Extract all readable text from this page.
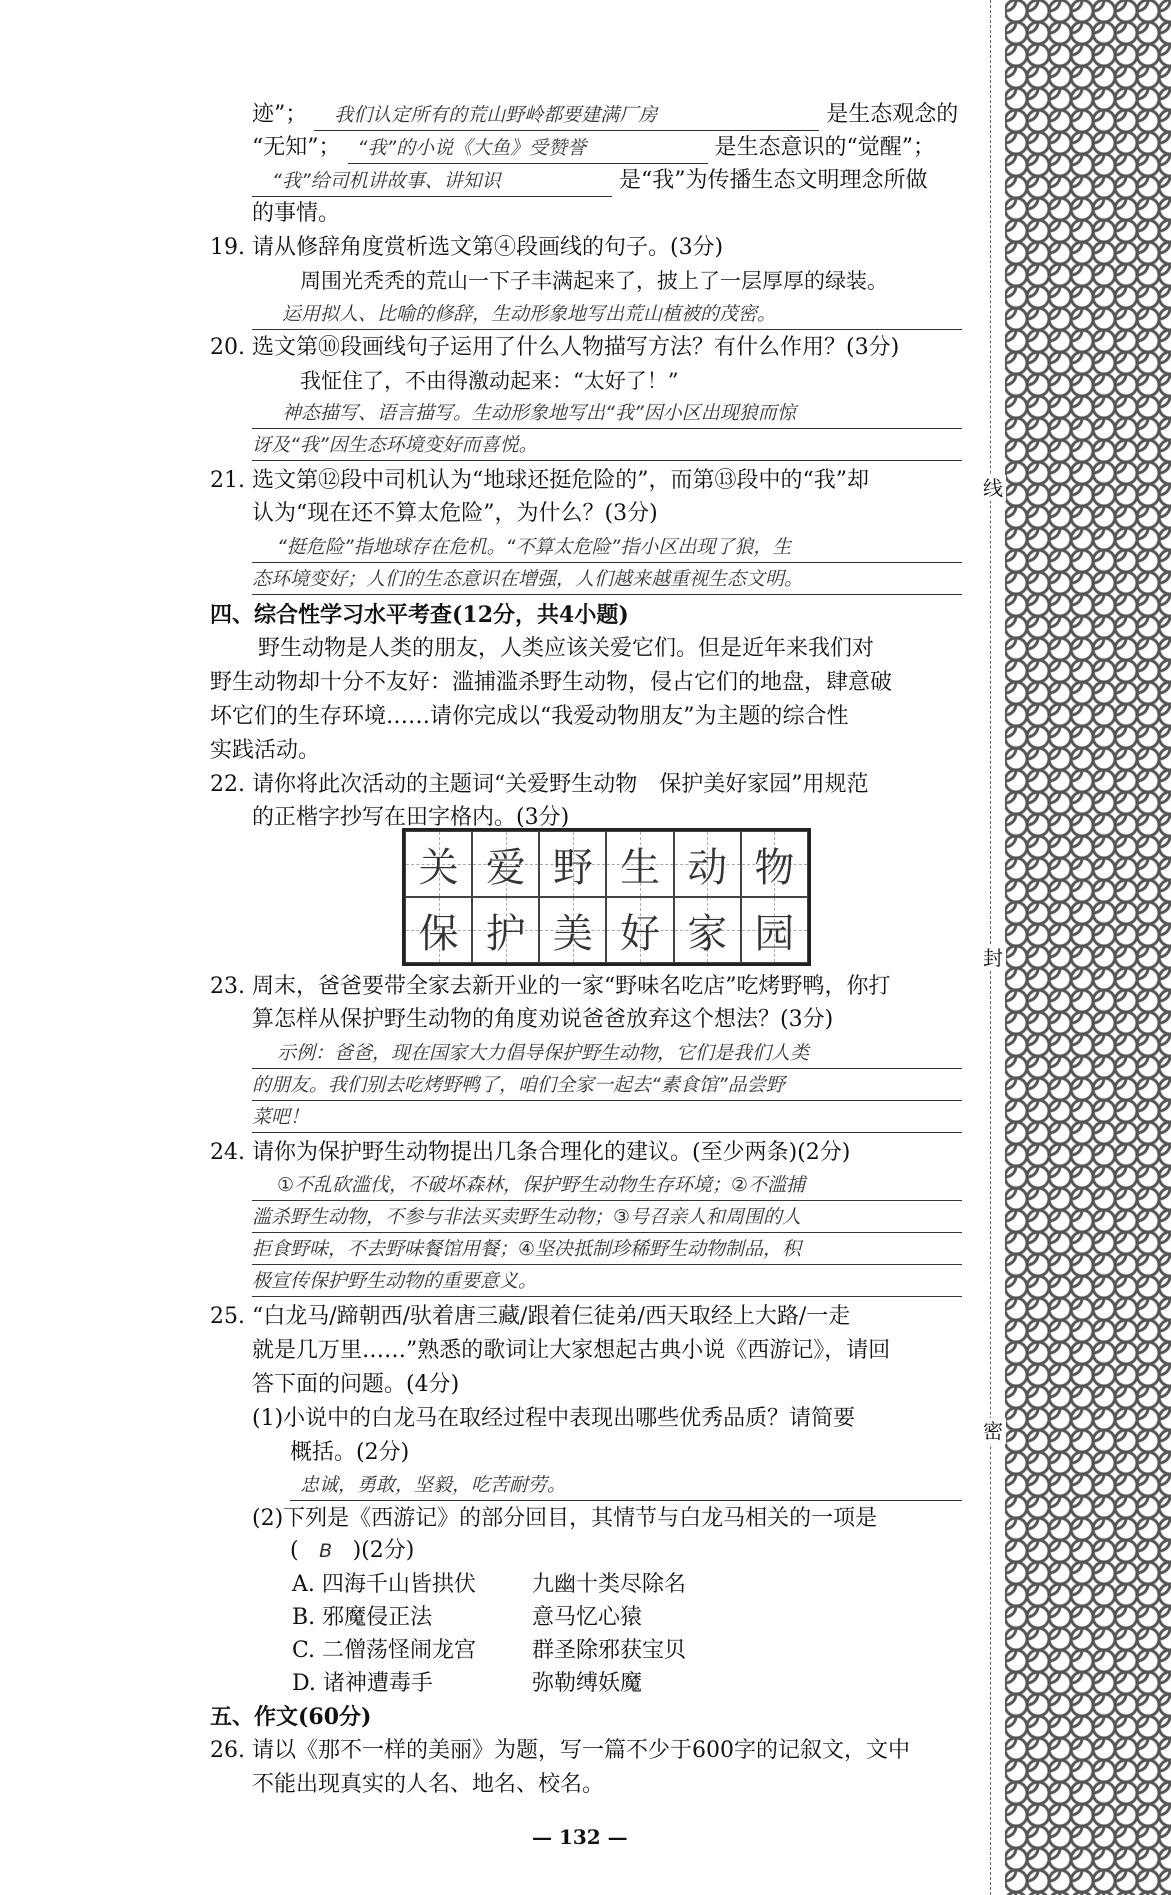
线
封
密
迹”； 我们认定所有的荒山野岭都要建满厂房	是生态观念的
“无知”； “我”的小说《大鱼》受赞誉	是生态意识的“觉醒”；
“我”给司机讲故事、讲知识	是“我”为传播生态文明理念所做
的事情。
19. 请从修辞角度赏析选文第④段画线的句子。(3分)
周围光秃秃的荒山一下子丰满起来了，披上了一层厚厚的绿装。
运用拟人、比喻的修辞，生动形象地写出荒山植被的茂密。
20. 选文第⑩段画线句子运用了什么人物描写方法？有什么作用？(3分)
我怔住了，不由得激动起来：“太好了！”
神态描写、语言描写。生动形象地写出“我”因小区出现狼而惊
讶及“我”因生态环境变好而喜悦。
21. 选文第⑫段中司机认为“地球还挺危险的”，而第⑬段中的“我”却
认为“现在还不算太危险”，为什么？(3分)
“挺危险”指地球存在危机。“不算太危险”指小区出现了狼，生
态环境变好；人们的生态意识在增强，人们越来越重视生态文明。
四、综合性学习水平考查(12分，共4小题)
野生动物是人类的朋友，人类应该关爱它们。但是近年来我们对
野生动物却十分不友好：滥捕滥杀野生动物，侵占它们的地盘，肆意破
坏它们的生存环境……请你完成以“我爱动物朋友”为主题的综合性
实践活动。
22. 请你将此次活动的主题词“关爱野生动物　保护美好家园”用规范
的正楷字抄写在田字格内。(3分)
关 爱 野 生 动 物
保 护 美 好 家 园
23. 周末，爸爸要带全家去新开业的一家“野味名吃店”吃烤野鸭，你打
算怎样从保护野生动物的角度劝说爸爸放弃这个想法？(3分)
示例：爸爸，现在国家大力倡导保护野生动物，它们是我们人类
的朋友。我们别去吃烤野鸭了，咱们全家一起去“素食馆”品尝野
菜吧！
24. 请你为保护野生动物提出几条合理化的建议。(至少两条)(2分)
①不乱砍滥伐，不破坏森林，保护野生动物生存环境；②不滥捕
滥杀野生动物，不参与非法买卖野生动物；③号召亲人和周围的人
拒食野味，不去野味餐馆用餐；④坚决抵制珍稀野生动物制品，积
极宣传保护野生动物的重要意义。
25. “白龙马/蹄朝西/驮着唐三藏/跟着仨徒弟/西天取经上大路/一走
就是几万里……”熟悉的歌词让大家想起古典小说《西游记》，请回
答下面的问题。(4分)
(1)小说中的白龙马在取经过程中表现出哪些优秀品质？请简要
概括。(2分)
忠诚，勇敢，坚毅，吃苦耐劳。
(2)下列是《西游记》的部分回目，其情节与白龙马相关的一项是
( B )(2分)
A. 四海千山皆拱伏	九幽十类尽除名
B. 邪魔侵正法	意马忆心猿
C. 二僧荡怪闹龙宫	群圣除邪获宝贝
D. 诸神遭毒手	弥勒缚妖魔
五、作文(60分)
26. 请以《那不一样的美丽》为题，写一篇不少于600字的记叙文，文中
不能出现真实的人名、地名、校名。
— 132 —
